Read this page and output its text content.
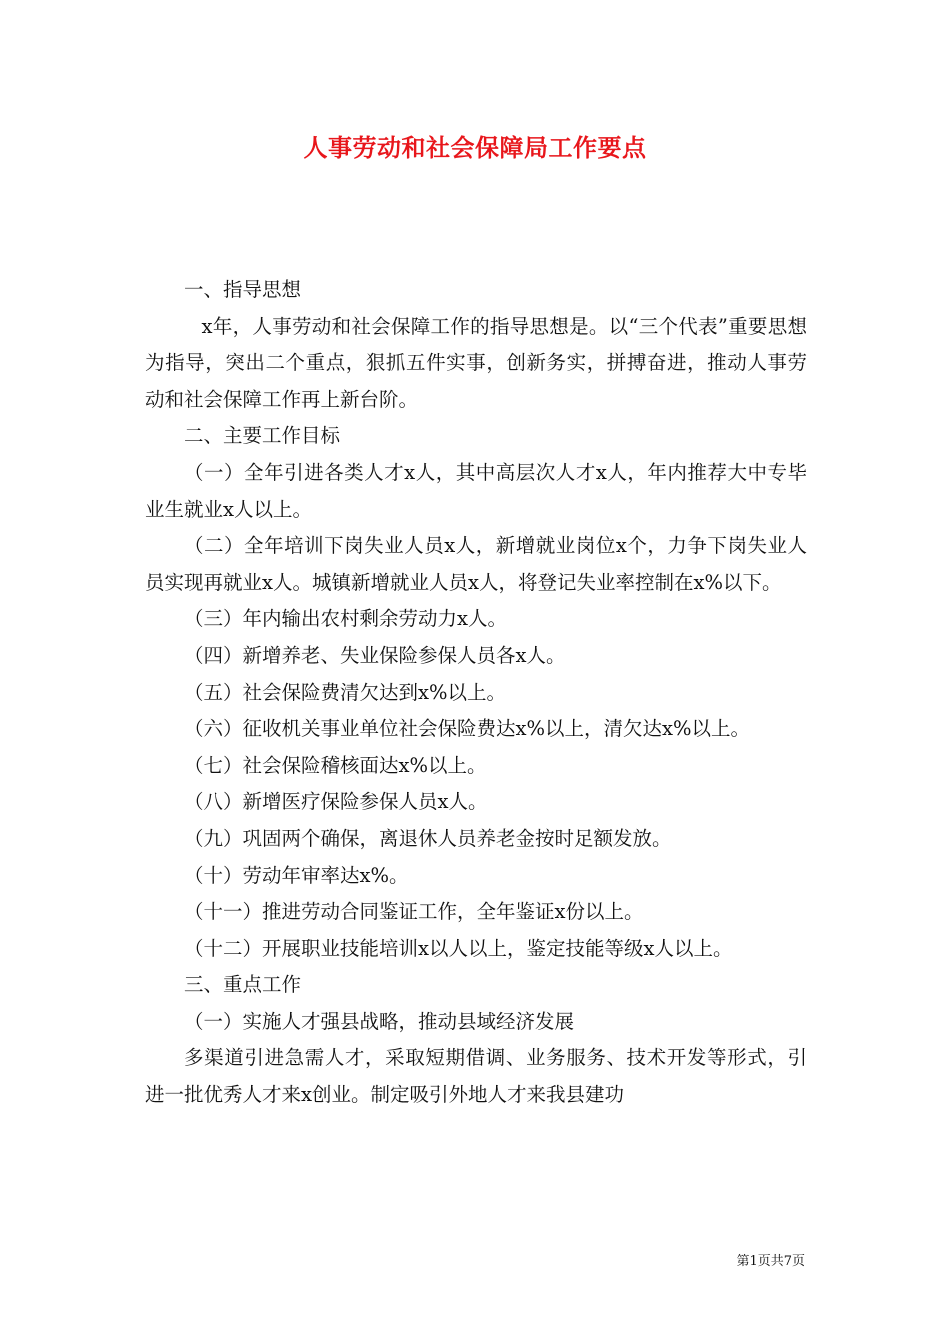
人事劳动和社会保障局工作要点

一、指导思想

x年，人事劳动和社会保障工作的指导思想是。以“三个代表”重要思想为指导，突出二个重点，狠抓五件实事，创新务实，拼搏奋进，推动人事劳动和社会保障工作再上新台阶。

二、主要工作目标

（一）全年引进各类人才x人，其中高层次人才x人，年内推荐大中专毕业生就业x人以上。

（二）全年培训下岗失业人员x人，新增就业岗位x个，力争下岗失业人员实现再就业x人。城镇新增就业人员x人，将登记失业率控制在x%以下。

（三）年内输出农村剩余劳动力x人。

（四）新增养老、失业保险参保人员各x人。

（五）社会保险费清欠达到x%以上。

（六）征收机关事业单位社会保险费达x%以上，清欠达x%以上。

（七）社会保险稽核面达x%以上。

（八）新增医疗保险参保人员x人。

（九）巩固两个确保，离退休人员养老金按时足额发放。

（十）劳动年审率达x%。

（十一）推进劳动合同鉴证工作，全年鉴证x份以上。

（十二）开展职业技能培训x以人以上，鉴定技能等级x人以上。

三、重点工作

（一）实施人才强县战略，推动县域经济发展

多渠道引进急需人才，采取短期借调、业务服务、技术开发等形式，引进一批优秀人才来x创业。制定吸引外地人才来我县建功

第1页共7页
